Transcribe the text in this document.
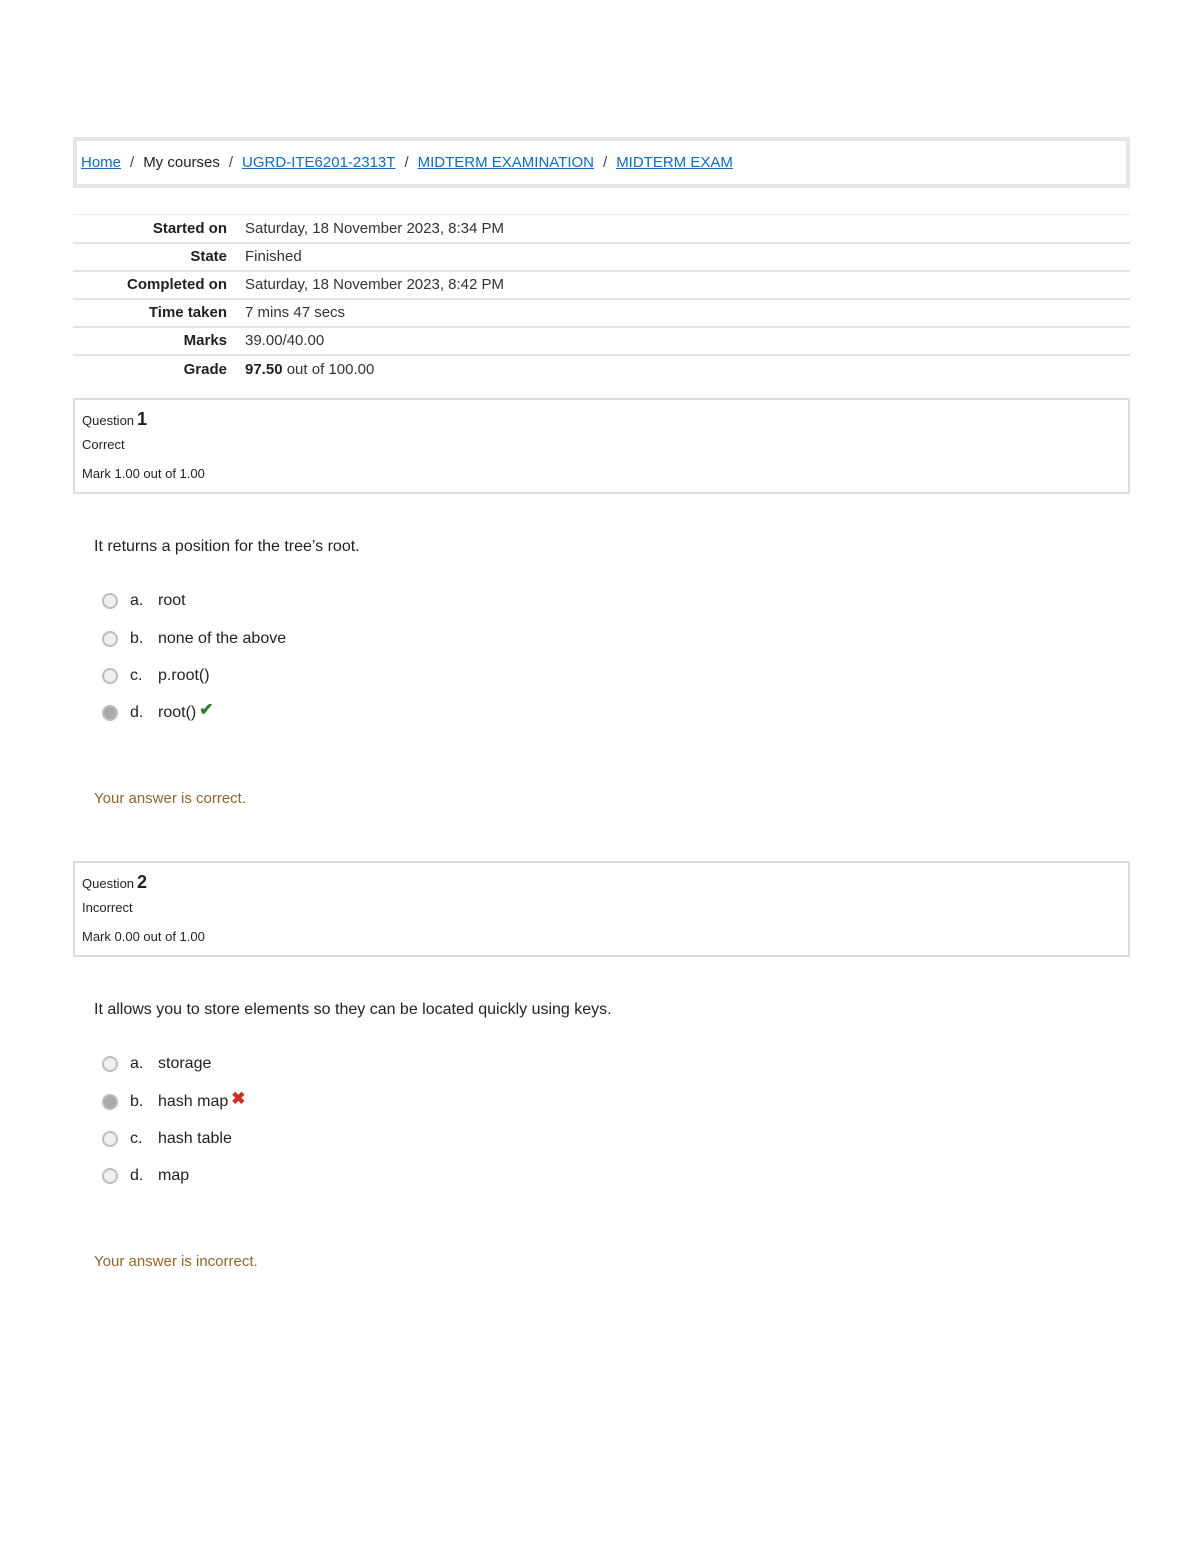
Home / My courses / UGRD-ITE6201-2313T / MIDTERM EXAMINATION / MIDTERM EXAM
Started on	Saturday, 18 November 2023, 8:34 PM
State	Finished
Completed on	Saturday, 18 November 2023, 8:42 PM
Time taken	7 mins 47 secs
Marks	39.00/40.00
Grade	97.50 out of 100.00
Question 1
Correct
Mark 1.00 out of 1.00
It returns a position for the tree’s root.
a. root
b. none of the above
c. p.root()
d. root() ✔
Your answer is correct.
Question 2
Incorrect
Mark 0.00 out of 1.00
It allows you to store elements so they can be located quickly using keys.
a. storage
b. hash map ✖
c. hash table
d. map
Your answer is incorrect.
